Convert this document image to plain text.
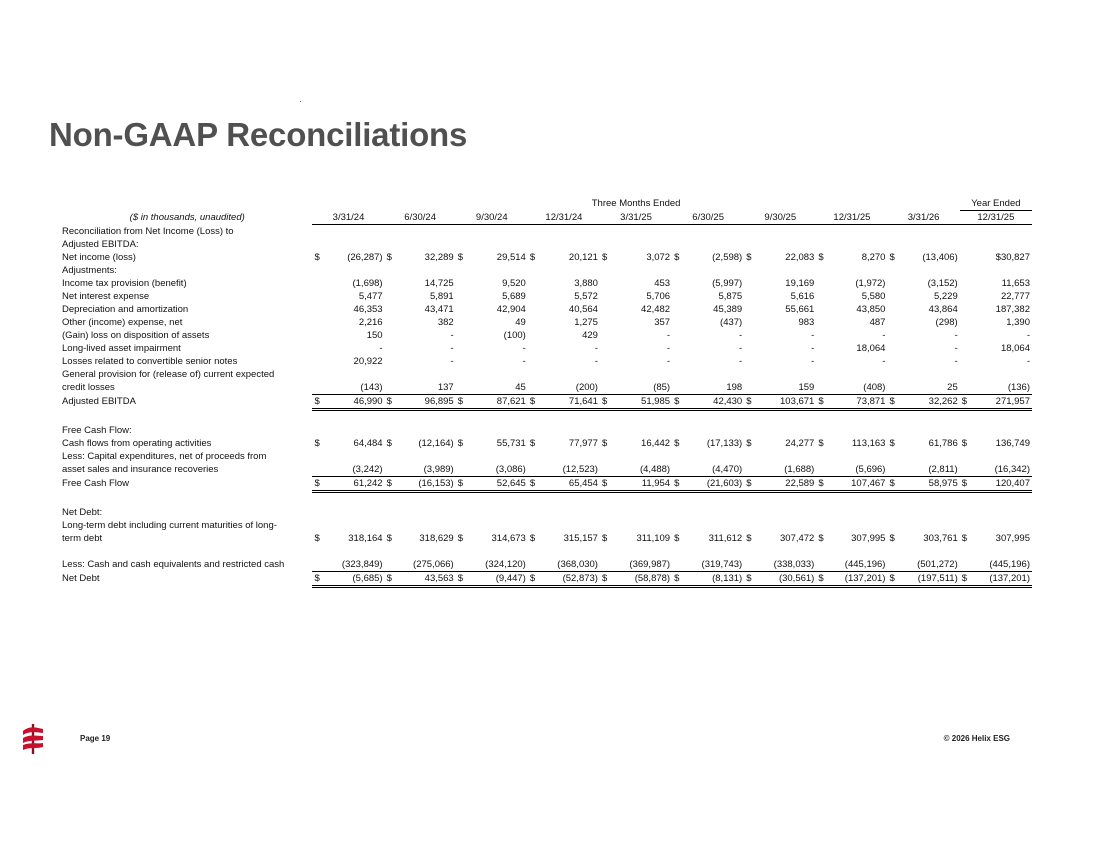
Non-GAAP Reconciliations
	Three Months Ended																		Year Ended	
($ in thousands, unaudited)	3/31/24		6/30/24		9/30/24		12/31/24		3/31/25		6/30/25		9/30/25		12/31/25		3/31/26		12/31/25	
Reconciliation from Net Income (Loss) to																				
Adjusted EBITDA:																				
Net income (loss)	$	(26,287)	$	32,289	$	29,514	$	20,121	$	3,072	$	(2,598)	$	22,083	$	8,270	$	(13,406)		$30,827
Adjustments:																				
Income tax provision (benefit)		(1,698)		14,725		9,520		3,880		453		(5,997)		19,169		(1,972)		(3,152)		11,653
Net interest expense		5,477		5,891		5,689		5,572		5,706		5,875		5,616		5,580		5,229		22,777
Depreciation and amortization		46,353		43,471		42,904		40,564		42,482		45,389		55,661		43,850		43,864		187,382
Other (income) expense, net		2,216		382		49		1,275		357		(437)		983		487		(298)		1,390
(Gain) loss on disposition of assets		150		-		(100)		429		-		-		-		-		-		-
Long-lived asset impairment		-		-		-		-		-		-		-		18,064		-		18,064
Losses related to convertible senior notes		20,922		-		-		-		-		-		-		-		-		-
General provision for (release of) current expected																				
credit losses		(143)		137		45		(200)		(85)		198		159		(408)		25		(136)
Adjusted EBITDA	$	46,990	$	96,895	$	87,621	$	71,641	$	51,985	$	42,430	$	103,671	$	73,871	$	32,262	$	271,957

Free Cash Flow:																				
Cash flows from operating activities	$	64,484	$	(12,164)	$	55,731	$	77,977	$	16,442	$	(17,133)	$	24,277	$	113,163	$	61,786	$	136,749
Less: Capital expenditures, net of proceeds from																				
asset sales and insurance recoveries		(3,242)		(3,989)		(3,086)		(12,523)		(4,488)		(4,470)		(1,688)		(5,696)		(2,811)		(16,342)
Free Cash Flow	$	61,242	$	(16,153)	$	52,645	$	65,454	$	11,954	$	(21,603)	$	22,589	$	107,467	$	58,975	$	120,407

Net Debt:																				
Long-term debt including current maturities of long-																				
term debt	$	318,164	$	318,629	$	314,673	$	315,157	$	311,109	$	311,612	$	307,472	$	307,995	$	303,761	$	307,995

Less: Cash and cash equivalents and restricted cash		(323,849)		(275,066)		(324,120)		(368,030)		(369,987)		(319,743)		(338,033)		(445,196)		(501,272)		(445,196)
Net Debt	$	(5,685)	$	43,563	$	(9,447)	$	(52,873)	$	(58,878)	$	(8,131)	$	(30,561)	$	(137,201)	$	(197,511)	$	(137,201)
Page 19	© 2026 Helix ESG
